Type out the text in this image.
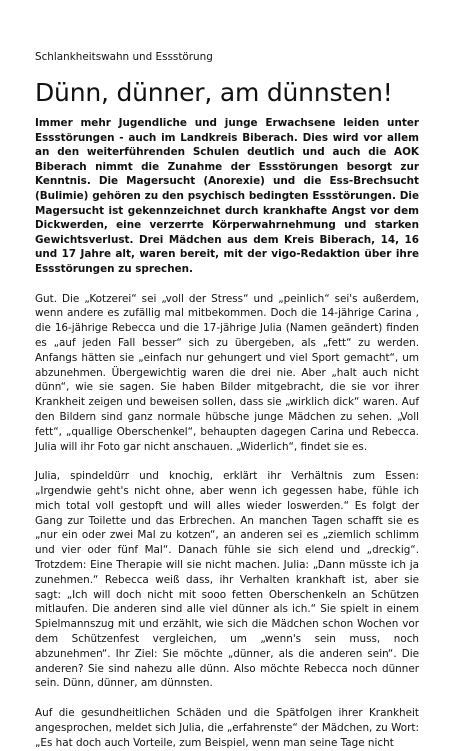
Schlankheitswahn und Essstörung

Dünn, dünner, am dünnsten!

Immer mehr Jugendliche und junge Erwachsene leiden unter Essstörungen - auch im Landkreis Biberach. Dies wird vor allem an den weiterführenden Schulen deutlich und auch die AOK Biberach nimmt die Zunahme der Essstörungen besorgt zur Kenntnis. Die Magersucht (Anorexie) und die Ess-Brechsucht (Bulimie) gehören zu den psychisch bedingten Essstörungen. Die Magersucht ist gekennzeichnet durch krankhafte Angst vor dem Dickwerden, eine verzerrte Körperwahrnehmung und starken Gewichtsverlust. Drei Mädchen aus dem Kreis Biberach, 14, 16 und 17 Jahre alt, waren bereit, mit der vigo-Redaktion über ihre Essstörungen zu sprechen.

Gut. Die „Kotzerei“ sei „voll der Stress“ und „peinlich“ sei's außerdem, wenn andere es zufällig mal mitbekommen. Doch die 14-jährige Carina , die 16-jährige Rebecca und die 17-jährige Julia (Namen geändert) finden es „auf jeden Fall besser“ sich zu übergeben, als „fett“ zu werden. Anfangs hätten sie „einfach nur gehungert und viel Sport gemacht“, um abzunehmen. Übergewichtig waren die drei nie. Aber „halt auch nicht dünn“, wie sie sagen. Sie haben Bilder mitgebracht, die sie vor ihrer Krankheit zeigen und beweisen sollen, dass sie „wirklich dick“ waren. Auf den Bildern sind ganz normale hübsche junge Mädchen zu sehen. „Voll fett“, „quallige Oberschenkel“, behaupten dagegen Carina und Rebecca. Julia will ihr Foto gar nicht anschauen. „Widerlich“, findet sie es.

Julia, spindeldürr und knochig, erklärt ihr Verhältnis zum Essen: „Irgendwie geht's nicht ohne, aber wenn ich gegessen habe, fühle ich mich total voll gestopft und will alles wieder loswerden.“ Es folgt der Gang zur Toilette und das Erbrechen. An manchen Tagen schafft sie es „nur ein oder zwei Mal zu kotzen“, an anderen sei es „ziemlich schlimm und vier oder fünf Mal“. Danach fühle sie sich elend und „dreckig“. Trotzdem: Eine Therapie will sie nicht machen. Julia: „Dann müsste ich ja zunehmen.“ Rebecca weiß dass, ihr Verhalten krankhaft ist, aber sie sagt: „Ich will doch nicht mit sooo fetten Oberschenkeln an Schützen mitlaufen. Die anderen sind alle viel dünner als ich.“ Sie spielt in einem Spielmannszug mit und erzählt, wie sich die Mädchen schon Wochen vor dem Schützenfest vergleichen, um „wenn's sein muss, noch abzunehmen“. Ihr Ziel: Sie möchte „dünner, als die anderen sein“. Die anderen? Sie sind nahezu alle dünn. Also möchte Rebecca noch dünner sein. Dünn, dünner, am dünnsten.

Auf die gesundheitlichen Schäden und die Spätfolgen ihrer Krankheit angesprochen, meldet sich Julia, die „erfahrenste“ der Mädchen, zu Wort: „Es hat doch auch Vorteile, zum Beispiel, wenn man seine Tage nicht
